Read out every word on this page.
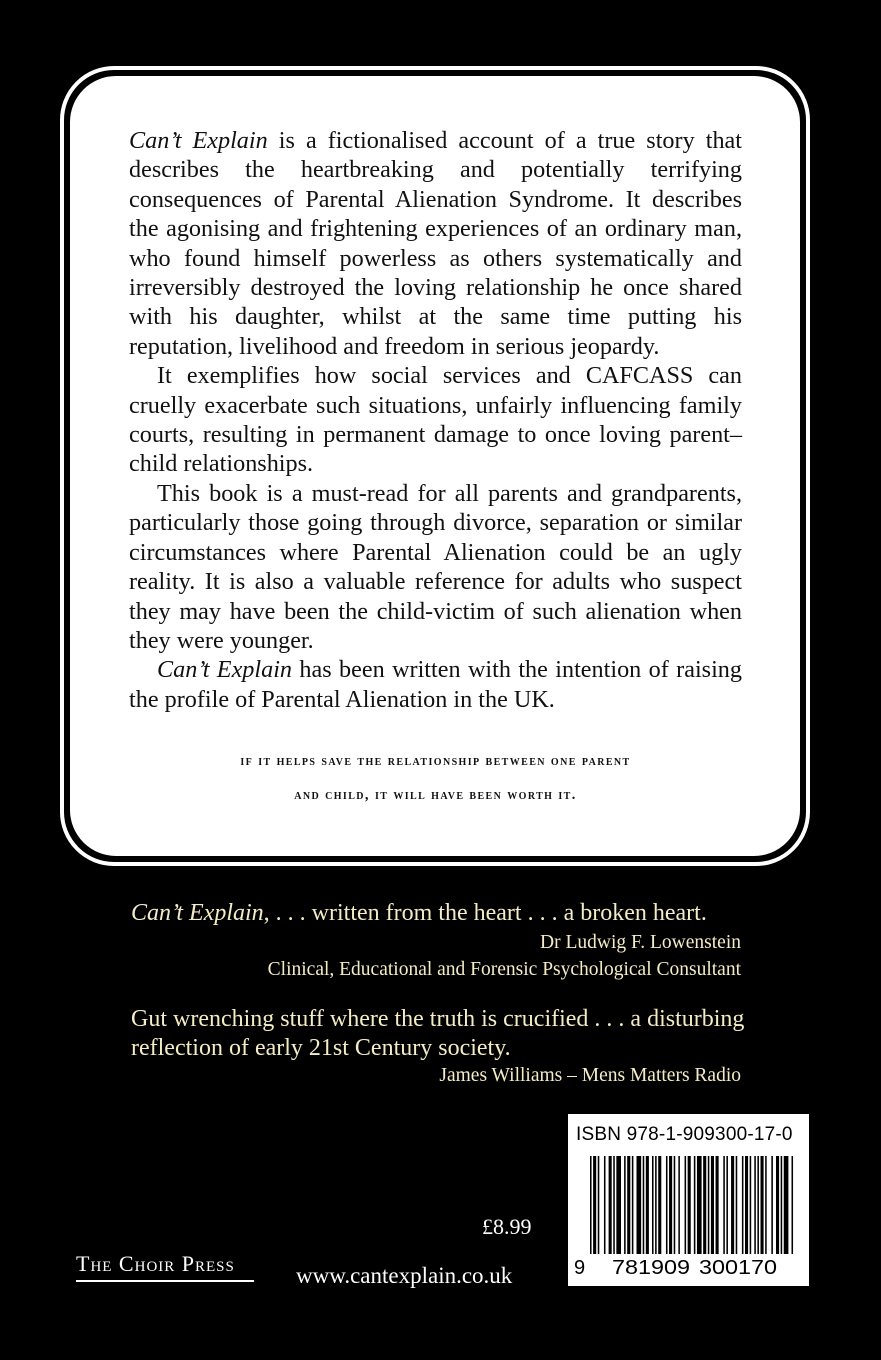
Can’t Explain is a fictionalised account of a true story that describes the heartbreaking and potentially terrifying consequences of Parental Alienation Syndrome. It describes the agonising and frightening experiences of an ordinary man, who found himself powerless as others systematically and irreversibly destroyed the loving relationship he once shared with his daughter, whilst at the same time putting his reputation, livelihood and freedom in serious jeopardy.

It exemplifies how social services and CAFCASS can cruelly exacerbate such situations, unfairly influencing family courts, resulting in permanent damage to once loving parent–child relationships.

This book is a must-read for all parents and grandparents, particularly those going through divorce, separation or similar circumstances where Parental Alienation could be an ugly reality. It is also a valuable reference for adults who suspect they may have been the child-victim of such alienation when they were younger.

Can’t Explain has been written with the intention of raising the profile of Parental Alienation in the UK.

if it helps save the relationship between one parent
and child, it will have been worth it.
Can’t Explain, . . . written from the heart . . . a broken heart.
Dr Ludwig F. Lowenstein
Clinical, Educational and Forensic Psychological Consultant
Gut wrenching stuff where the truth is crucified . . . a disturbing
reflection of early 21st Century society.
James Williams – Mens Matters Radio
£8.99
The Choir Press	www.cantexplain.co.uk
ISBN 978-1-909300-17-0
9 781909 300170
